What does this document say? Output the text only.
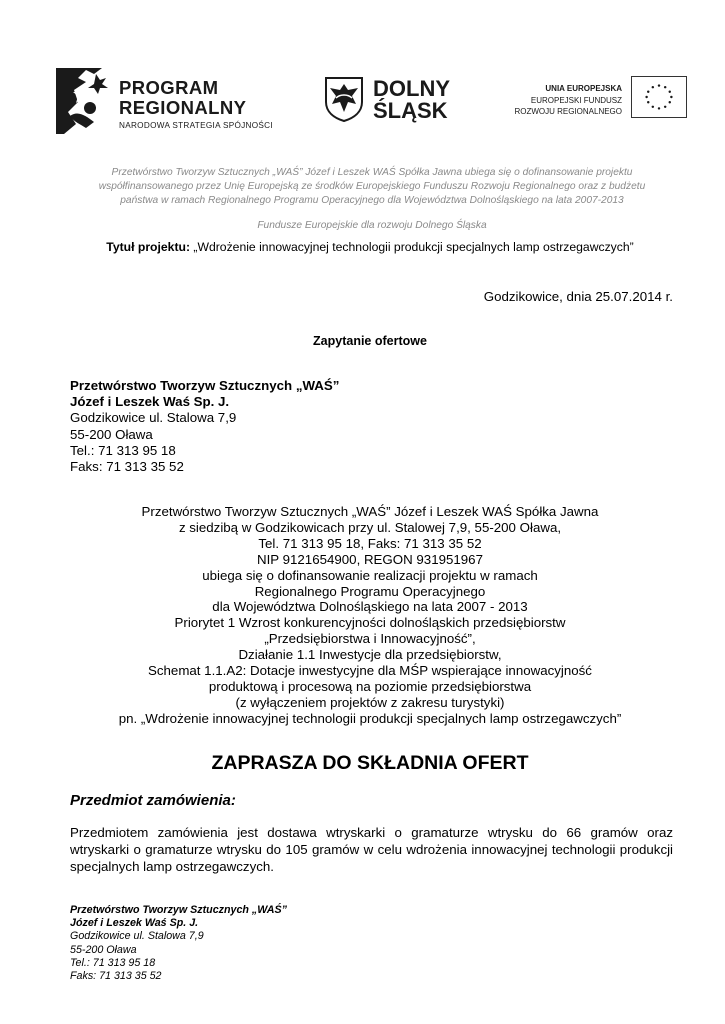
PROGRAM
REGIONALNY
NARODOWA STRATEGIA SPÓJNOŚCI
DOLNY
ŚLĄSK
UNIA EUROPEJSKA
EUROPEJSKI FUNDUSZ
ROZWOJU REGIONALNEGO
Przetwórstwo Tworzyw Sztucznych „WAŚ” Józef i Leszek WAŚ Spółka Jawna ubiega się o dofinansowanie projektu
współfinansowanego przez Unię Europejską ze środków Europejskiego Funduszu Rozwoju Regionalnego oraz z budżetu
państwa w ramach Regionalnego Programu Operacyjnego dla Województwa Dolnośląskiego na lata 2007-2013
Fundusze Europejskie dla rozwoju Dolnego Śląska
Tytuł projektu: „Wdrożenie innowacyjnej technologii produkcji specjalnych lamp ostrzegawczych”
Godzikowice, dnia 25.07.2014 r.
Zapytanie ofertowe
Przetwórstwo Tworzyw Sztucznych „WAŚ”
Józef i Leszek Waś Sp. J.
Godzikowice ul. Stalowa 7,9
55-200 Oława
Tel.: 71 313 95 18
Faks: 71 313 35 52
Przetwórstwo Tworzyw Sztucznych „WAŚ” Józef i Leszek WAŚ Spółka Jawna
z siedzibą w Godzikowicach przy ul. Stalowej 7,9, 55-200 Oława,
Tel. 71 313 95 18, Faks: 71 313 35 52
NIP 9121654900, REGON 931951967
ubiega się o dofinansowanie realizacji projektu w ramach
Regionalnego Programu Operacyjnego
dla Województwa Dolnośląskiego na lata 2007 - 2013
Priorytet 1 Wzrost konkurencyjności dolnośląskich przedsiębiorstw
„Przedsiębiorstwa i Innowacyjność”,
Działanie 1.1 Inwestycje dla przedsiębiorstw,
Schemat 1.1.A2: Dotacje inwestycyjne dla MŚP wspierające innowacyjność
produktową i procesową na poziomie przedsiębiorstwa
(z wyłączeniem projektów z zakresu turystyki)
pn. „Wdrożenie innowacyjnej technologii produkcji specjalnych lamp ostrzegawczych”
ZAPRASZA DO SKŁADNIA OFERT
Przedmiot zamówienia:
Przedmiotem zamówienia jest dostawa wtryskarki o gramaturze wtrysku do 66 gramów oraz wtryskarki o gramaturze wtrysku do 105 gramów w celu wdrożenia innowacyjnej technologii produkcji specjalnych lamp ostrzegawczych.
Przetwórstwo Tworzyw Sztucznych „WAŚ”
Józef i Leszek Waś Sp. J.
Godzikowice ul. Stalowa 7,9
55-200 Oława
Tel.: 71 313 95 18
Faks: 71 313 35 52
